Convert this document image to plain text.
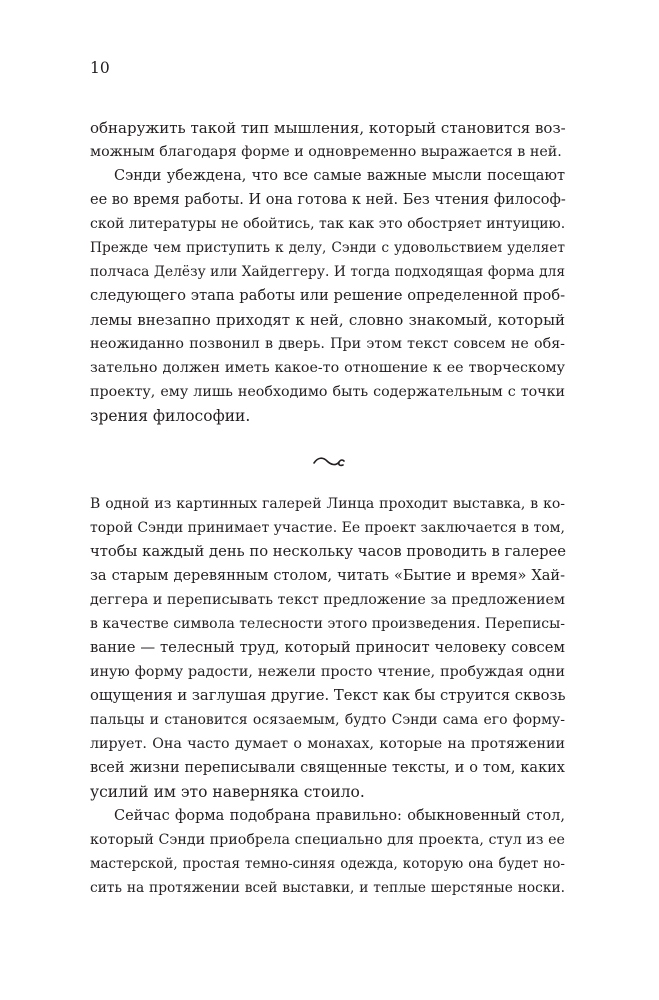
10
обнаружить такой тип мышления, который становится воз-
можным благодаря форме и одновременно выражается в ней.
Сэнди убеждена, что все самые важные мысли посещают
ее во время работы. И она готова к ней. Без чтения философ-
ской литературы не обойтись, так как это обостряет интуицию.
Прежде чем приступить к делу, Сэнди с удовольствием уделяет
полчаса Делёзу или Хайдеггеру. И тогда подходящая форма для
следующего этапа работы или решение определенной проб-
лемы внезапно приходят к ней, словно знакомый, который
неожиданно позвонил в дверь. При этом текст совсем не обя-
зательно должен иметь какое-то отношение к ее творческому
проекту, ему лишь необходимо быть содержательным с точки
зрения философии.
В одной из картинных галерей Линца проходит выставка, в ко-
торой Сэнди принимает участие. Ее проект заключается в том,
чтобы каждый день по нескольку часов проводить в галерее
за старым деревянным столом, читать «Бытие и время» Хай-
деггера и переписывать текст предложение за предложением
в качестве символа телесности этого произведения. Переписы-
вание — телесный труд, который приносит человеку совсем
иную форму радости, нежели просто чтение, пробуждая одни
ощущения и заглушая другие. Текст как бы струится сквозь
пальцы и становится осязаемым, будто Сэнди сама его форму-
лирует. Она часто думает о монахах, которые на протяжении
всей жизни переписывали священные тексты, и о том, каких
усилий им это наверняка стоило.
Сейчас форма подобрана правильно: обыкновенный стол,
который Сэнди приобрела специально для проекта, стул из ее
мастерской, простая темно-синяя одежда, которую она будет но-
сить на протяжении всей выставки, и теплые шерстяные носки.
